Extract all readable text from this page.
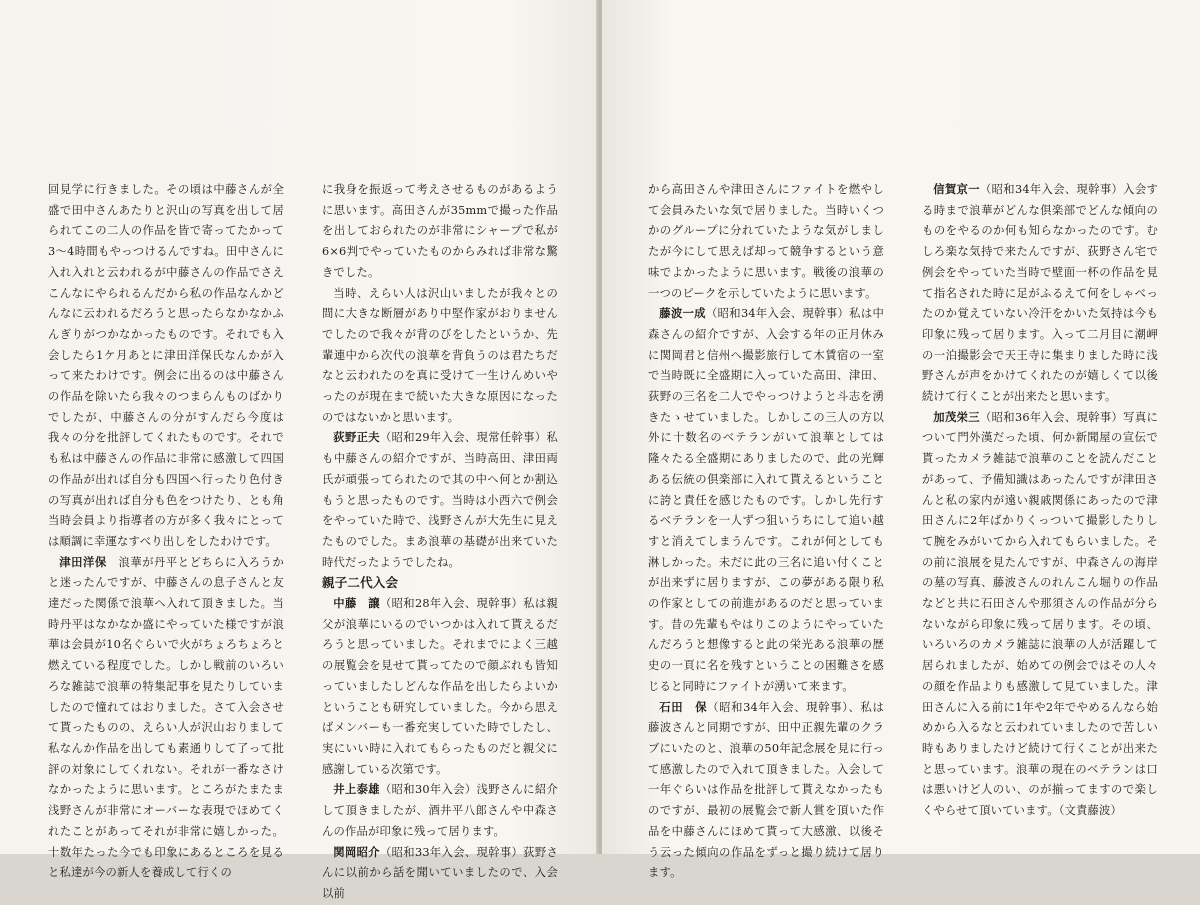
回見学に行きました。その頃は中藤さんが全盛で田中さんあたりと沢山の写真を出して居られてこの二人の作品を皆で寄ってたかって3～4時間もやっつけるんですね。田中さんに入れ入れと云われるが中藤さんの作品でさえこんなにやられるんだから私の作品なんかどんなに云われるだろうと思ったらなかなかふんぎりがつかなかったものです。それでも入会したら1ケ月あとに津田洋保氏なんかが入って来たわけです。例会に出るのは中藤さんの作品を除いたら我々のつまらんものばかりでしたが、中藤さんの分がすんだら今度は我々の分を批評してくれたものです。それでも私は中藤さんの作品に非常に感激して四国の作品が出れば自分も四国へ行ったり色付きの写真が出れば自分も色をつけたり、とも角当時会員より指導者の方が多く我々にとっては順調に幸運なすべり出しをしたわけです。

津田洋保　 浪華が丹平とどちらに入ろうかと迷ったんですが、中藤さんの息子さんと友達だった関係で浪華へ入れて頂きました。当時丹平はなかなか盛にやっていた様ですが浪華は会員が10名ぐらいで火がちょろちょろと燃えている程度でした。しかし戦前のいろいろな雑誌で浪華の特集記事を見たりしていましたので憧れてはおりました。さて入会させて貰ったものの、えらい人が沢山おりまして私なんか作品を出しても素通りして了って批評の対象にしてくれない。それが一番なさけなかったように思います。ところがたまたま浅野さんが非常にオーバーな表現でほめてくれたことがあってそれが非常に嬉しかった。十数年たった今でも印象にあるところを見ると私達が今の新人を養成して行くの

に我身を振返って考えさせるものがあるように思います。高田さんが35mmで撮った作品を出しておられたのが非常にシャープで私が6×6判でやっていたものからみれば非常な驚きでした。

当時、えらい人は沢山いましたが我々との間に大きな断層があり中堅作家がおりませんでしたので我々が背のびをしたというか、先輩連中から次代の浪華を背負うのは君たちだなと云われたのを真に受けて一生けんめいやったのが現在まで続いた大きな原因になったのではないかと思います。

荻野正夫（昭和29年入会、現常任幹事）私も中藤さんの紹介ですが、当時高田、津田両氏が頑張ってられたので其の中へ何とか割込もうと思ったものです。当時は小西六で例会をやっていた時で、浅野さんが大先生に見えたものでした。まあ浪華の基礎が出来ていた時代だったようでしたね。

親子二代入会

中藤　譲（昭和28年入会、現幹事）私は親父が浪華にいるのでいつかは入れて貰えるだろうと思っていました。それまでによく三越の展覧会を見せて貰ってたので顔ぶれも皆知っていましたしどんな作品を出したらよいかということも研究していました。今から思えばメンバーも一番充実していた時でしたし、実にいい時に入れてもらったものだと親父に感謝している次第です。

井上泰雄（昭和30年入会）浅野さんに紹介して頂きましたが、酒井平八郎さんや中森さんの作品が印象に残って居ります。

関岡昭介（昭和33年入会、現幹事）荻野さんに以前から話を聞いていましたので、入会以前

から高田さんや津田さんにファイトを燃やして会員みたいな気で居りました。当時いくつかのグループに分れていたような気がしましたが今にして思えば却って競争するという意味でよかったように思います。戦後の浪華の一つのピークを示していたように思います。

藤波一成（昭和34年入会、現幹事）私は中森さんの紹介ですが、入会する年の正月休みに関岡君と信州へ撮影旅行して木賃宿の一室で当時既に全盛期に入っていた高田、津田、荻野の三名を二人でやっつけようと斗志を湧きたゝせていました。しかしこの三人の方以外に十数名のベテランがいて浪華としては隆々たる全盛期にありましたので、此の光輝ある伝統の倶楽部に入れて貰えるということに誇と責任を感じたものです。しかし先行するベテランを一人ずつ狙いうちにして追い越すと消えてしまうんです。これが何としても淋しかった。未だに此の三名に追い付くことが出来ずに居りますが、この夢がある限り私の作家としての前進があるのだと思っています。昔の先輩もやはりこのようにやっていたんだろうと想像すると此の栄光ある浪華の歴史の一頁に名を残すということの困難さを感じると同時にファイトが湧いて来ます。

石田　保（昭和34年入会、現幹事）、私は藤波さんと同期ですが、田中正親先輩のクラブにいたのと、浪華の50年記念展を見に行って感激したので入れて頂きました。入会して一年ぐらいは作品を批評して貰えなかったものですが、最初の展覧会で新人賞を頂いた作品を中藤さんにほめて貰って大感激、以後そう云った傾向の作品をずっと撮り続けて居ります。

信賀京一（昭和34年入会、現幹事）入会する時まで浪華がどんな倶楽部でどんな傾向のものをやるのか何も知らなかったのです。むしろ楽な気持で来たんですが、荻野さん宅で例会をやっていた当時で壁面一杯の作品を見て指名された時に足がふるえて何をしゃべったのか覚えていない冷汗をかいた気持は今も印象に残って居ります。入って二月目に潮岬の一泊撮影会で天王寺に集まりました時に浅野さんが声をかけてくれたのが嬉しくて以後続けて行くことが出来たと思います。

加茂栄三（昭和36年入会、現幹事）写真について門外漢だった頃、何か新聞屋の宣伝で貰ったカメラ雑誌で浪華のことを読んだことがあって、予備知識はあったんですが津田さんと私の家内が遠い親戚関係にあったので津田さんに2年ばかりくっついて撮影したりして腕をみがいてから入れてもらいました。その前に浪展を見たんですが、中森さんの海岸の墓の写真、藤波さんのれんこん堀りの作品などと共に石田さんや那須さんの作品が分らないながら印象に残って居ります。その頃、いろいろのカメラ雑誌に浪華の人が活躍して居られましたが、始めての例会ではその人々の顔を作品よりも感激して見ていました。津田さんに入る前に1年や2年でやめるんなら始めから入るなと云われていましたので苦しい時もありましたけど続けて行くことが出来たと思っています。浪華の現在のベテランは口は悪いけど人のい、のが揃ってますので楽しくやらせて頂いています。（文責藤波）
